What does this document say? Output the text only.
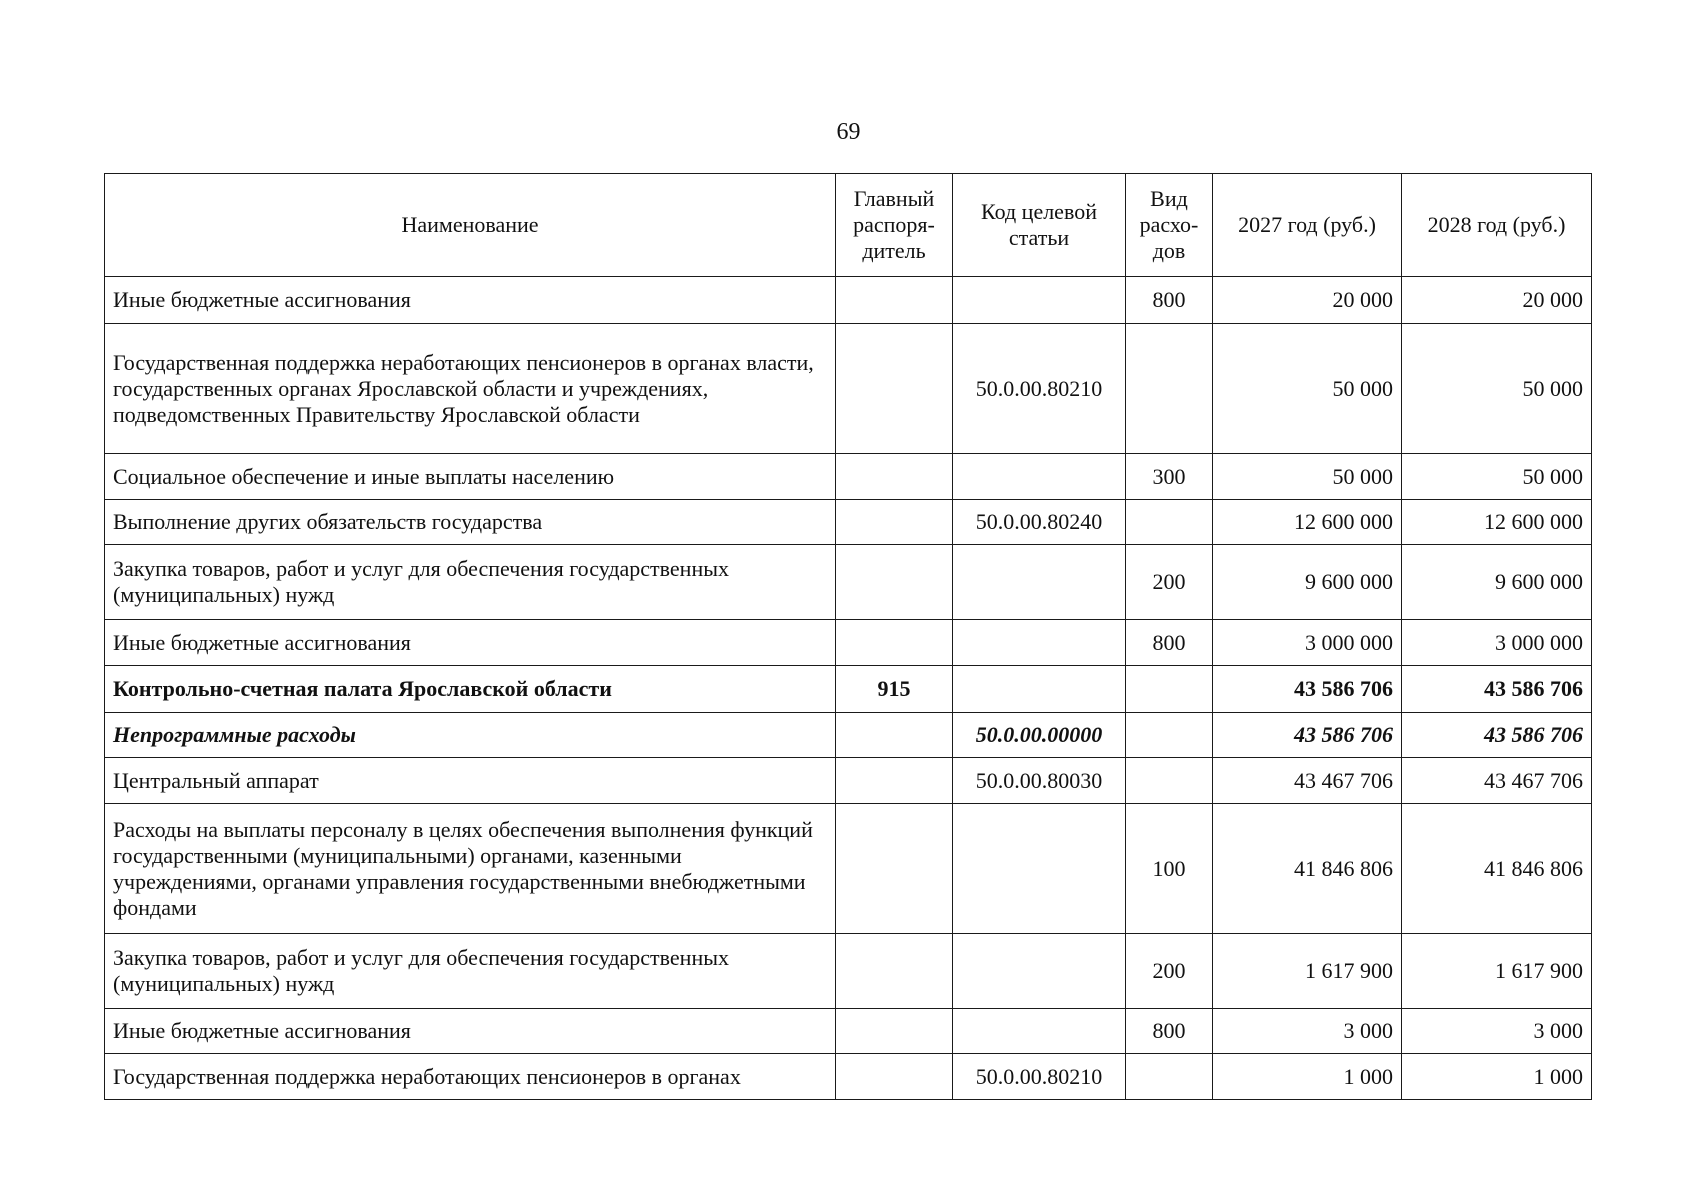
69
Наименование	Главный распоря-дитель	Код целевой статьи	Вид расхо-дов	2027 год (руб.)	2028 год (руб.)
Иные бюджетные ассигнования			800	20 000	20 000
Государственная поддержка неработающих пенсионеров в органах власти, государственных органах Ярославской области и учреждениях, подведомственных Правительству Ярославской области		50.0.00.80210		50 000	50 000
Социальное обеспечение и иные выплаты населению			300	50 000	50 000
Выполнение других обязательств государства		50.0.00.80240		12 600 000	12 600 000
Закупка товаров, работ и услуг для обеспечения государственных (муниципальных) нужд			200	9 600 000	9 600 000
Иные бюджетные ассигнования			800	3 000 000	3 000 000
Контрольно-счетная палата Ярославской области	915			43 586 706	43 586 706
Непрограммные расходы		50.0.00.00000		43 586 706	43 586 706
Центральный аппарат		50.0.00.80030		43 467 706	43 467 706
Расходы на выплаты персоналу в целях обеспечения выполнения функций государственными (муниципальными) органами, казенными учреждениями, органами управления государственными внебюджетными фондами			100	41 846 806	41 846 806
Закупка товаров, работ и услуг для обеспечения государственных (муниципальных) нужд			200	1 617 900	1 617 900
Иные бюджетные ассигнования			800	3 000	3 000
Государственная поддержка неработающих пенсионеров в органах		50.0.00.80210		1 000	1 000
